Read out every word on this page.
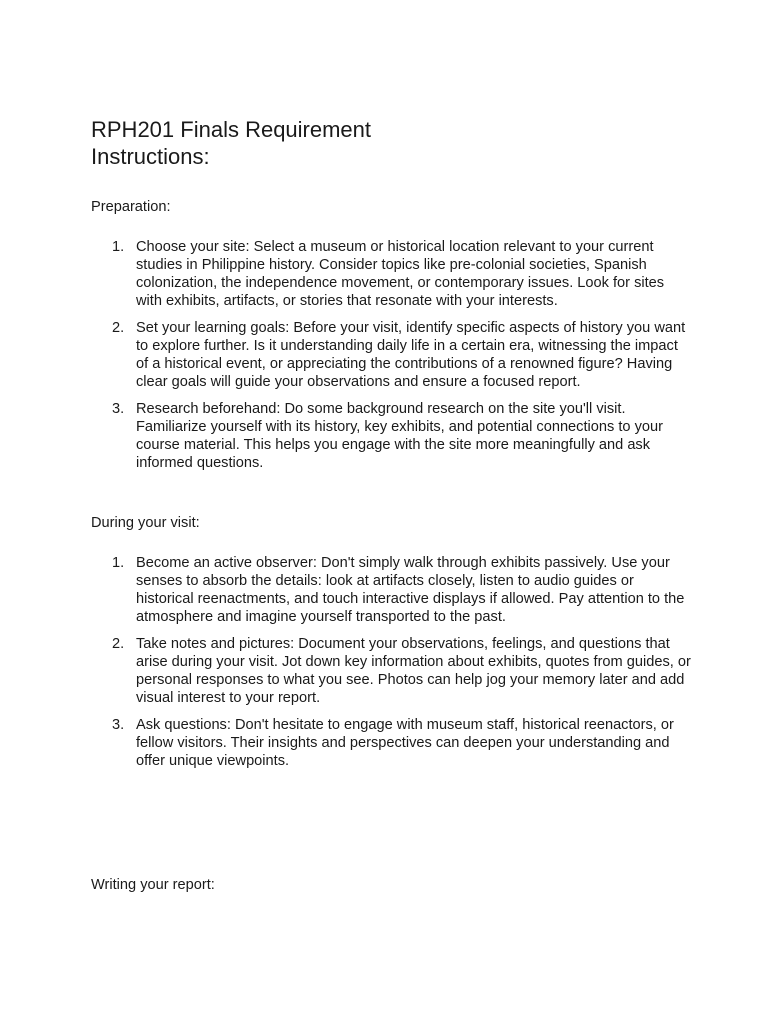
RPH201 Finals Requirement
Instructions:

Preparation:

1. Choose your site: Select a museum or historical location relevant to your current studies in Philippine history. Consider topics like pre-colonial societies, Spanish colonization, the independence movement, or contemporary issues. Look for sites with exhibits, artifacts, or stories that resonate with your interests.
2. Set your learning goals: Before your visit, identify specific aspects of history you want to explore further. Is it understanding daily life in a certain era, witnessing the impact of a historical event, or appreciating the contributions of a renowned figure? Having clear goals will guide your observations and ensure a focused report.
3. Research beforehand: Do some background research on the site you'll visit. Familiarize yourself with its history, key exhibits, and potential connections to your course material. This helps you engage with the site more meaningfully and ask informed questions.

During your visit:

1. Become an active observer: Don't simply walk through exhibits passively. Use your senses to absorb the details: look at artifacts closely, listen to audio guides or historical reenactments, and touch interactive displays if allowed. Pay attention to the atmosphere and imagine yourself transported to the past.
2. Take notes and pictures: Document your observations, feelings, and questions that arise during your visit. Jot down key information about exhibits, quotes from guides, or personal responses to what you see. Photos can help jog your memory later and add visual interest to your report.
3. Ask questions: Don't hesitate to engage with museum staff, historical reenactors, or fellow visitors. Their insights and perspectives can deepen your understanding and offer unique viewpoints.

Writing your report:
